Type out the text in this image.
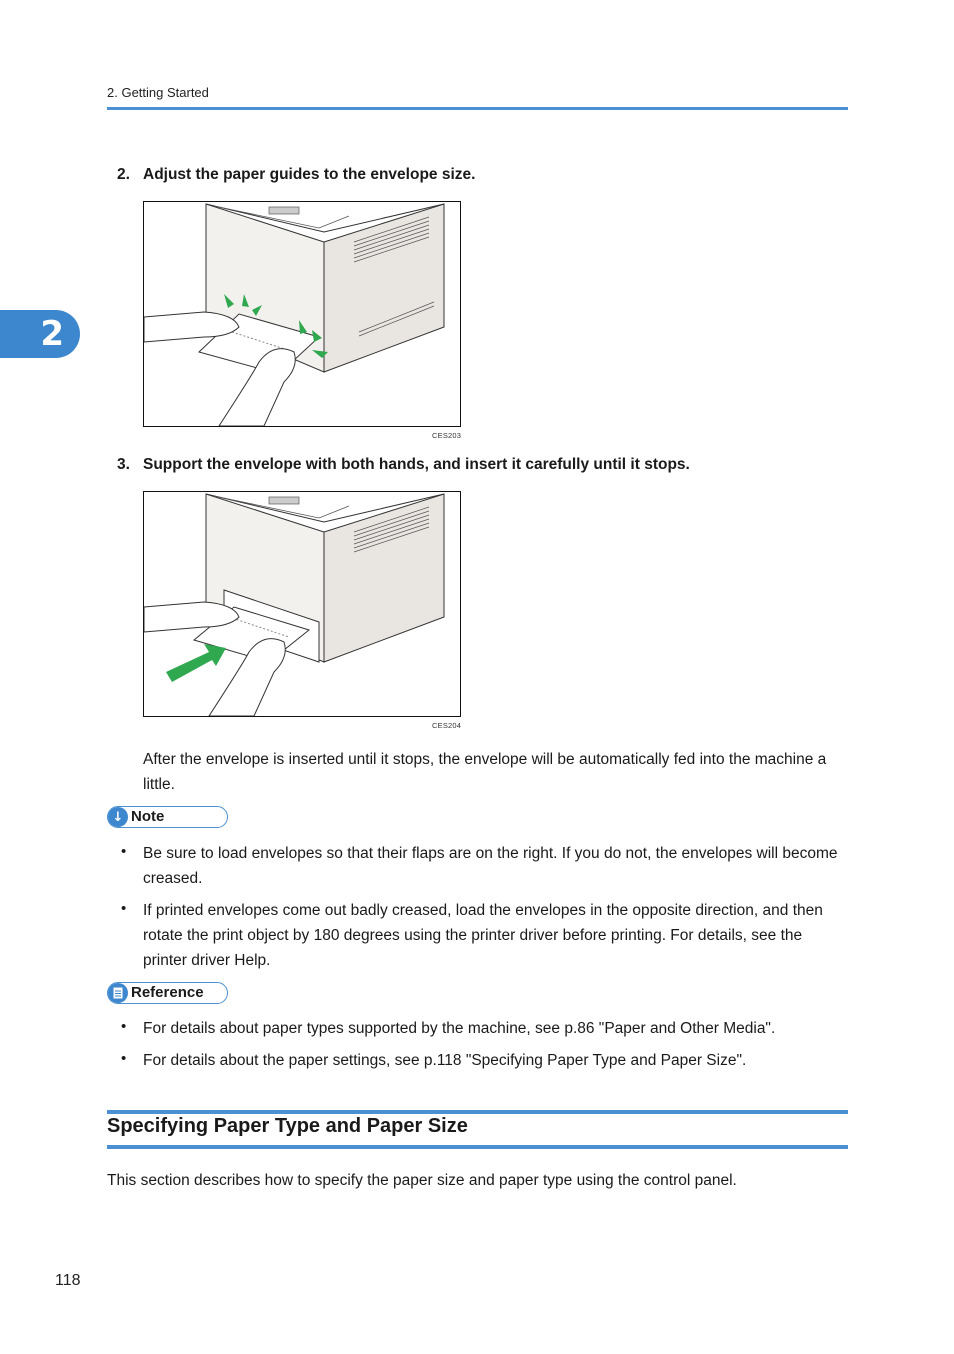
2. Getting Started
2
2. Adjust the paper guides to the envelope size.
CES203
3. Support the envelope with both hands, and insert it carefully until it stops.
CES204
After the envelope is inserted until it stops, the envelope will be automatically fed into the machine a little.
↓ Note
• Be sure to load envelopes so that their flaps are on the right. If you do not, the envelopes will become creased.
• If printed envelopes come out badly creased, load the envelopes in the opposite direction, and then rotate the print object by 180 degrees using the printer driver before printing. For details, see the printer driver Help.
Reference
• For details about paper types supported by the machine, see p.86 "Paper and Other Media".
• For details about the paper settings, see p.118 "Specifying Paper Type and Paper Size".
Specifying Paper Type and Paper Size
This section describes how to specify the paper size and paper type using the control panel.
118
